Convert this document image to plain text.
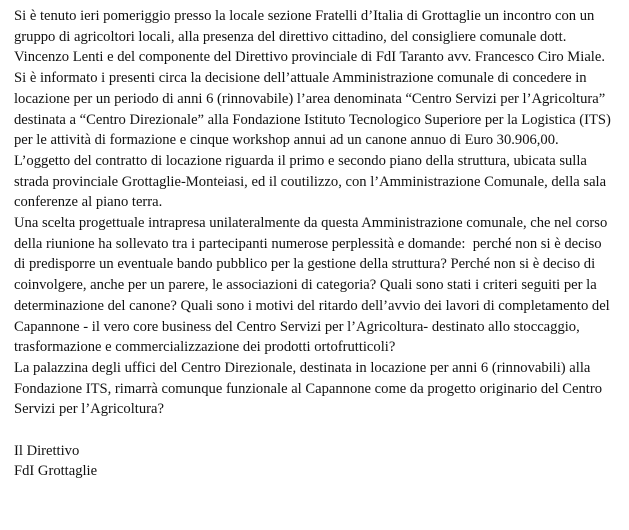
Si è tenuto ieri pomeriggio presso la locale sezione Fratelli d’Italia di Grottaglie un incontro con un
gruppo di agricoltori locali, alla presenza del direttivo cittadino, del consigliere comunale dott.
Vincenzo Lenti e del componente del Direttivo provinciale di FdI Taranto avv. Francesco Ciro Miale.
Si è informato i presenti circa la decisione dell’attuale Amministrazione comunale di concedere in
locazione per un periodo di anni 6 (rinnovabile) l’area denominata “Centro Servizi per l’Agricoltura”
destinata a “Centro Direzionale” alla Fondazione Istituto Tecnologico Superiore per la Logistica (ITS)
per le attività di formazione e cinque workshop annui ad un canone annuo di Euro 30.906,00.
L’oggetto del contratto di locazione riguarda il primo e secondo piano della struttura, ubicata sulla
strada provinciale Grottaglie-Monteiasi, ed il coutilizzo, con l’Amministrazione Comunale, della sala
conferenze al piano terra.
Una scelta progettuale intrapresa unilateralmente da questa Amministrazione comunale, che nel corso
della riunione ha sollevato tra i partecipanti numerose perplessità e domande:  perché non si è deciso
di predisporre un eventuale bando pubblico per la gestione della struttura? Perché non si è deciso di
coinvolgere, anche per un parere, le associazioni di categoria? Quali sono stati i criteri seguiti per la
determinazione del canone? Quali sono i motivi del ritardo dell’avvio dei lavori di completamento del
Capannone - il vero core business del Centro Servizi per l’Agricoltura- destinato allo stoccaggio,
trasformazione e commercializzazione dei prodotti ortofrutticoli?
La palazzina degli uffici del Centro Direzionale, destinata in locazione per anni 6 (rinnovabili) alla
Fondazione ITS, rimarrà comunque funzionale al Capannone come da progetto originario del Centro
Servizi per l’Agricoltura?
Il Direttivo
FdI Grottaglie
